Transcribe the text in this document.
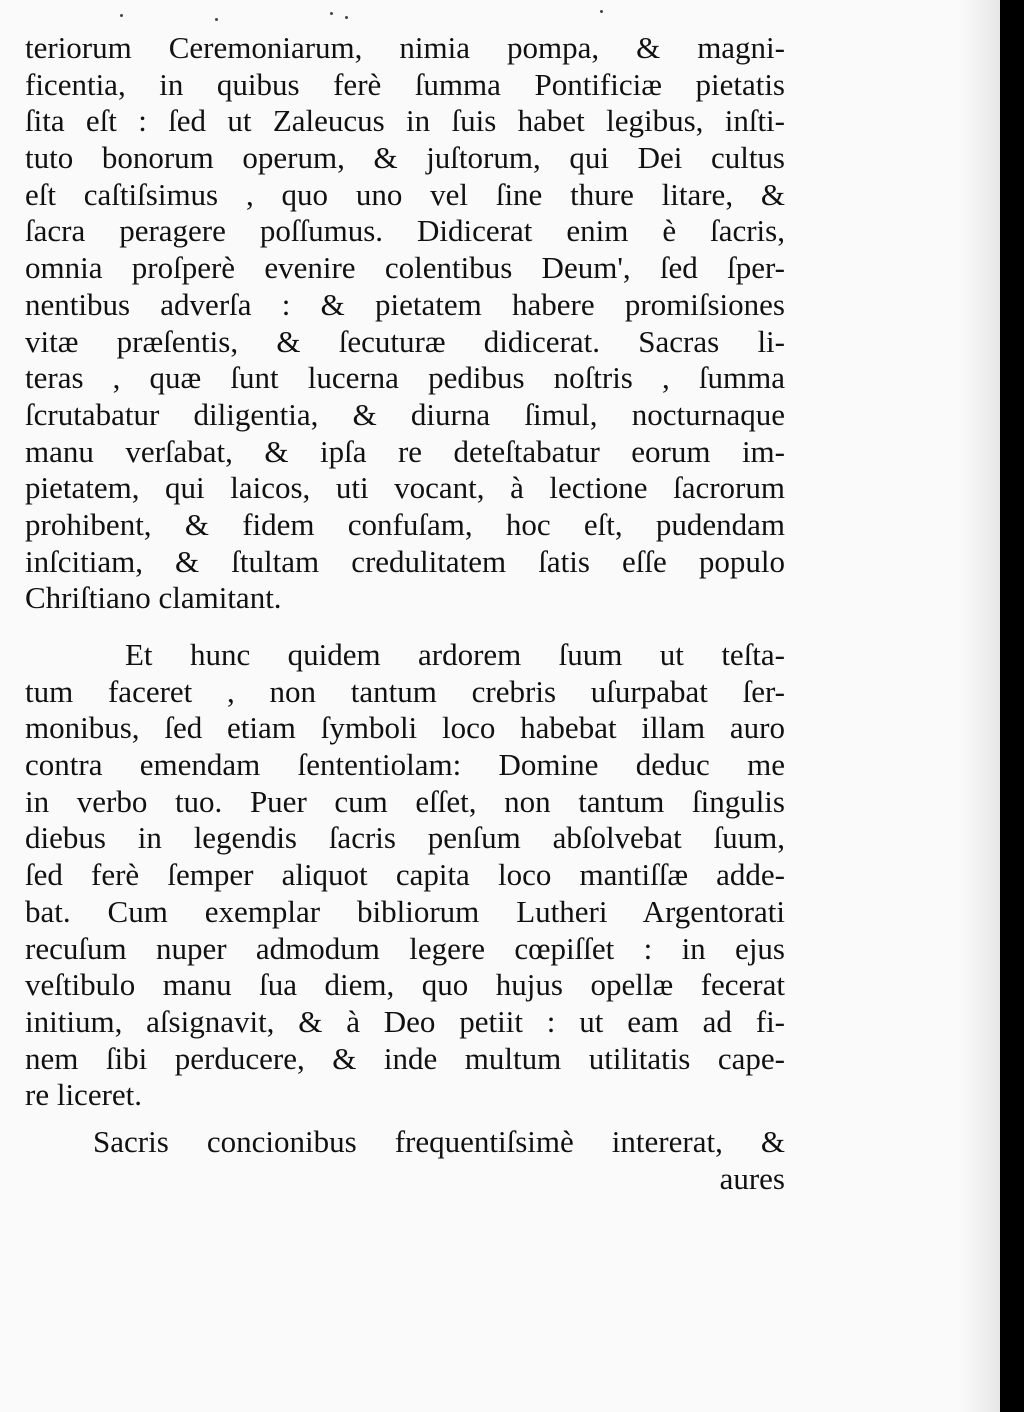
teriorum Ceremoniarum, nimia pompa, & magni-
ficentia, in quibus ferè ſumma Pontificiæ pietatis
ſita eſt : ſed ut Zaleucus in ſuis habet legibus, inſti-
tuto bonorum operum, & juſtorum, qui Dei cultus
eſt caſtiſsimus , quo uno vel ſine thure litare, &
ſacra peragere poſſumus. Didicerat enim è ſacris,
omnia proſperè evenire colentibus Deum', ſed ſper-
nentibus adverſa : & pietatem habere promiſsiones
vitæ præſentis, & ſecuturæ didicerat. Sacras li-
teras , quæ ſunt lucerna pedibus noſtris , ſumma
ſcrutabatur diligentia, & diurna ſimul, nocturnaque
manu verſabat, & ipſa re deteſtabatur eorum im-
pietatem, qui laicos, uti vocant, à lectione ſacrorum
prohibent, & fidem confuſam, hoc eſt, pudendam
inſcitiam, & ſtultam credulitatem ſatis eſſe populo
Chriſtiano clamitant.
Et hunc quidem ardorem ſuum ut teſta-
tum faceret , non tantum crebris uſurpabat ſer-
monibus, ſed etiam ſymboli loco habebat illam auro
contra emendam ſententiolam: Domine deduc me
in verbo tuo. Puer cum eſſet, non tantum ſingulis
diebus in legendis ſacris penſum abſolvebat ſuum,
ſed ferè ſemper aliquot capita loco mantiſſæ adde-
bat. Cum exemplar bibliorum Lutheri Argentorati
recuſum nuper admodum legere cœpiſſet : in ejus
veſtibulo manu ſua diem, quo hujus opellæ fecerat
initium, aſsignavit, & à Deo petiit : ut eam ad fi-
nem ſibi perducere, & inde multum utilitatis cape-
re liceret.
Sacris concionibus frequentiſsimè intererat, &
aures
